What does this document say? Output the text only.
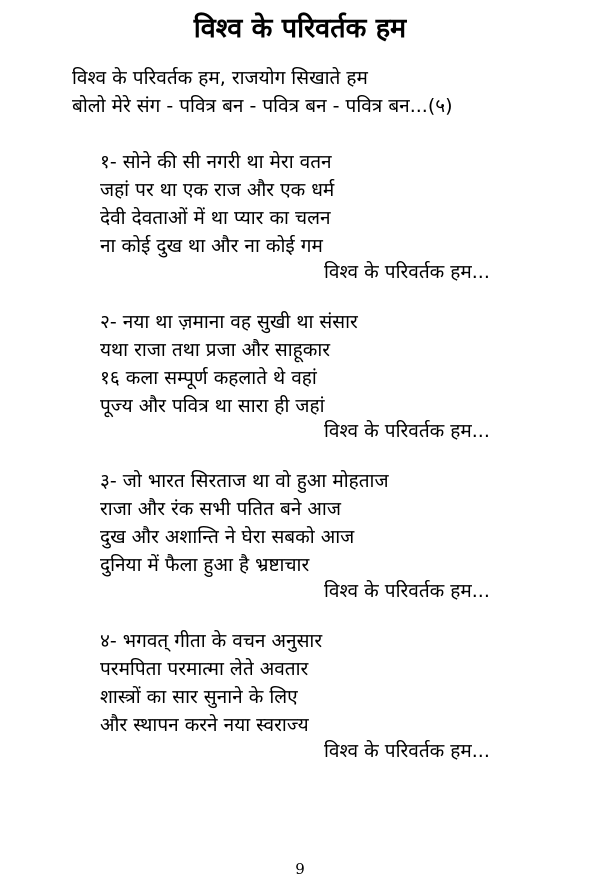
विश्व के परिवर्तक हम
विश्व के परिवर्तक हम, राजयोग सिखाते हम
बोलो मेरे संग - पवित्र बन - पवित्र बन - पवित्र बन...(५)
१- सोने की सी नगरी था मेरा वतन
जहां पर था एक राज और एक धर्म
देवी देवताओं में था प्यार का चलन
ना कोई दुख था और ना कोई गम
विश्व के परिवर्तक हम...
२- नया था ज़माना वह सुखी था संसार
यथा राजा तथा प्रजा और साहूकार
१६ कला सम्पूर्ण कहलाते थे वहां
पूज्य और पवित्र था सारा ही जहां
विश्व के परिवर्तक हम...
३- जो भारत सिरताज था वो हुआ मोहताज
राजा और रंक सभी पतित बने आज
दुख और अशान्ति ने घेरा सबको आज
दुनिया में फैला हुआ है भ्रष्टाचार
विश्व के परिवर्तक हम...
४- भगवत् गीता के वचन अनुसार
परमपिता परमात्मा लेते अवतार
शास्त्रों का सार सुनाने के लिए
और स्थापन करने नया स्वराज्य
विश्व के परिवर्तक हम...
9
